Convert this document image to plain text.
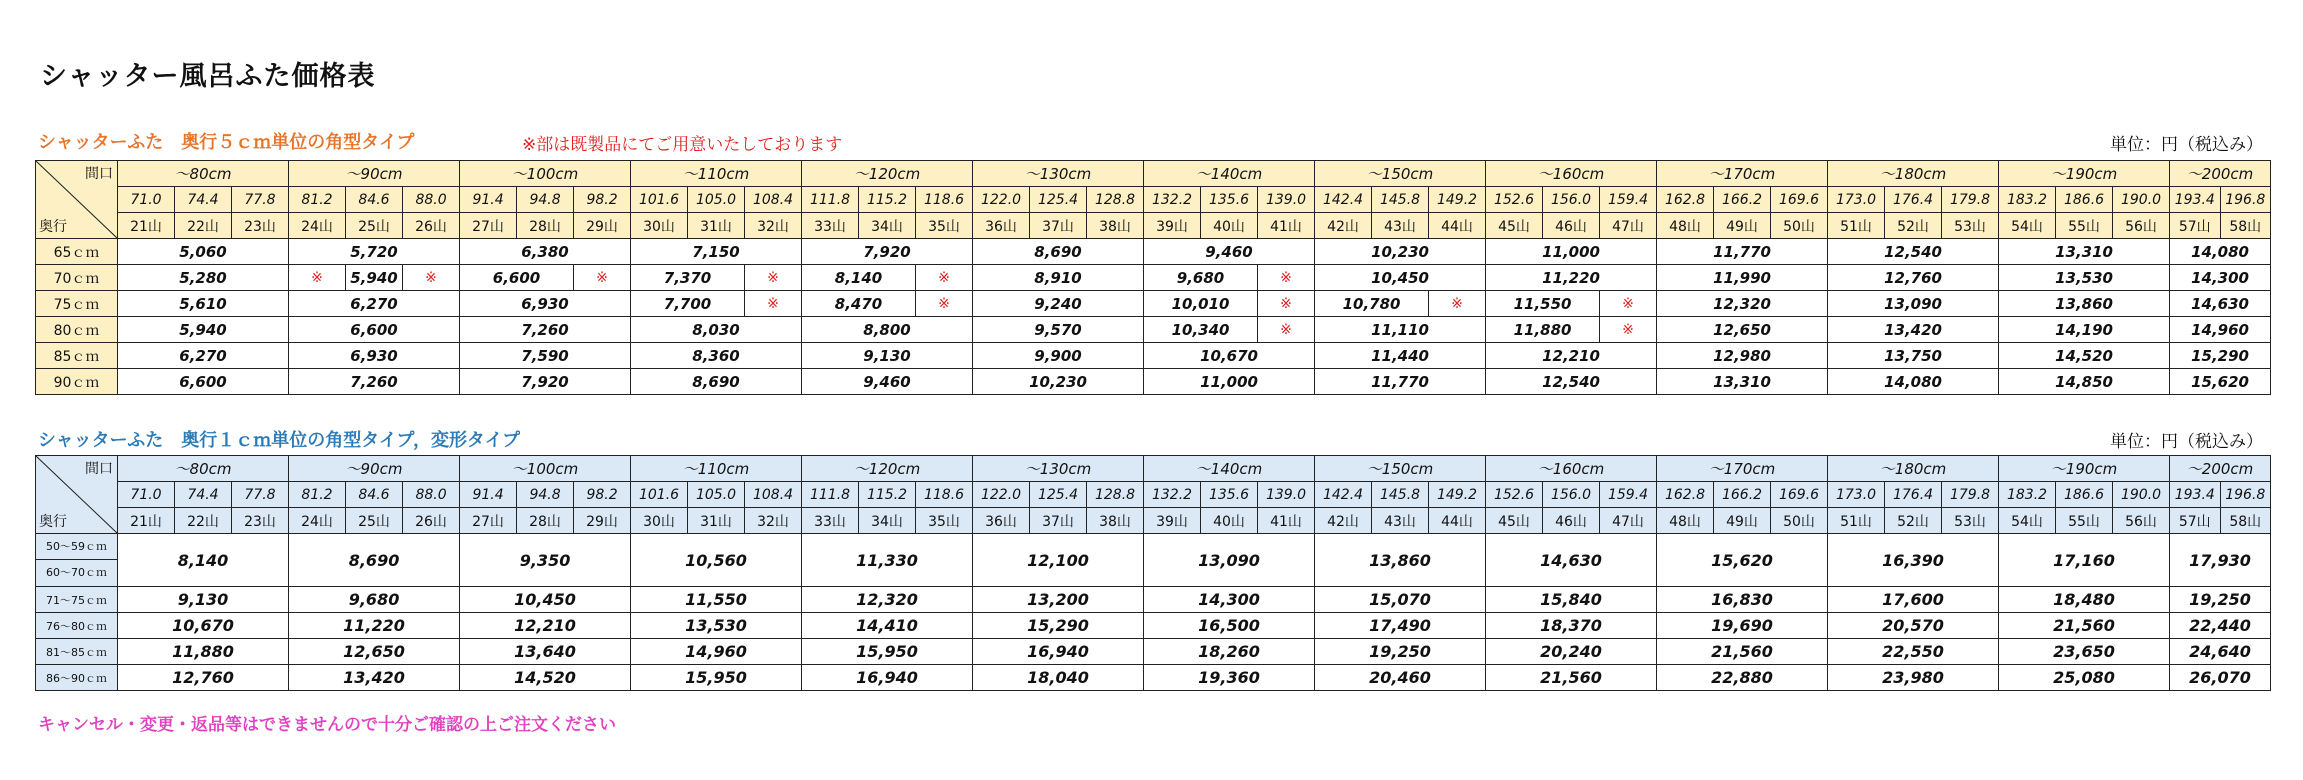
シャッター風呂ふた価格表
シャッターふた　奥行５ｃｍ単位の角型タイプ	※部は既製品にてご用意いたしております	単位：円（税込み）
間口
奥行	～80cm			～90cm			～100cm			～110cm			～120cm			～130cm			～140cm			～150cm			～160cm			～170cm			～180cm			～190cm			～200cm	
	71.0	74.4	77.8	81.2	84.6	88.0	91.4	94.8	98.2	101.6	105.0	108.4	111.8	115.2	118.6	122.0	125.4	128.8	132.2	135.6	139.0	142.4	145.8	149.2	152.6	156.0	159.4	162.8	166.2	169.6	173.0	176.4	179.8	183.2	186.6	190.0	193.4	196.8
	21山	22山	23山	24山	25山	26山	27山	28山	29山	30山	31山	32山	33山	34山	35山	36山	37山	38山	39山	40山	41山	42山	43山	44山	45山	46山	47山	48山	49山	50山	51山	52山	53山	54山	55山	56山	57山	58山
65ｃｍ	5,060			5,720			6,380			7,150			7,920			8,690			9,460			10,230			11,000			11,770			12,540			13,310			14,080	
70ｃｍ	5,280			※	5,940	※	6,600		※	7,370		※	8,140		※	8,910			9,680		※	10,450			11,220			11,990			12,760			13,530			14,300	
75ｃｍ	5,610			6,270			6,930			7,700		※	8,470		※	9,240			10,010		※	10,780		※	11,550		※	12,320			13,090			13,860			14,630	
80ｃｍ	5,940			6,600			7,260			8,030			8,800			9,570			10,340		※	11,110			11,880		※	12,650			13,420			14,190			14,960	
85ｃｍ	6,270			6,930			7,590			8,360			9,130			9,900			10,670			11,440			12,210			12,980			13,750			14,520			15,290	
90ｃｍ	6,600			7,260			7,920			8,690			9,460			10,230			11,000			11,770			12,540			13,310			14,080			14,850			15,620	
シャッターふた　奥行１ｃｍ単位の角型タイプ，変形タイプ	単位：円（税込み）
間口
奥行	～80cm			～90cm			～100cm			～110cm			～120cm			～130cm			～140cm			～150cm			～160cm			～170cm			～180cm			～190cm			～200cm	
	71.0	74.4	77.8	81.2	84.6	88.0	91.4	94.8	98.2	101.6	105.0	108.4	111.8	115.2	118.6	122.0	125.4	128.8	132.2	135.6	139.0	142.4	145.8	149.2	152.6	156.0	159.4	162.8	166.2	169.6	173.0	176.4	179.8	183.2	186.6	190.0	193.4	196.8
	21山	22山	23山	24山	25山	26山	27山	28山	29山	30山	31山	32山	33山	34山	35山	36山	37山	38山	39山	40山	41山	42山	43山	44山	45山	46山	47山	48山	49山	50山	51山	52山	53山	54山	55山	56山	57山	58山

50～59ｃｍ
60～70ｃｍ	8,140			8,690			9,350			10,560			11,330			12,100			13,090			13,860			14,630			15,620			16,390			17,160			17,930	
71～75ｃｍ	9,130			9,680			10,450			11,550			12,320			13,200			14,300			15,070			15,840			16,830			17,600			18,480			19,250	
76～80ｃｍ	10,670			11,220			12,210			13,530			14,410			15,290			16,500			17,490			18,370			19,690			20,570			21,560			22,440	
81～85ｃｍ	11,880			12,650			13,640			14,960			15,950			16,940			18,260			19,250			20,240			21,560			22,550			23,650			24,640	
86～90ｃｍ	12,760			13,420			14,520			15,950			16,940			18,040			19,360			20,460			21,560			22,880			23,980			25,080			26,070	
キャンセル・変更・返品等はできませんので十分ご確認の上ご注文ください
